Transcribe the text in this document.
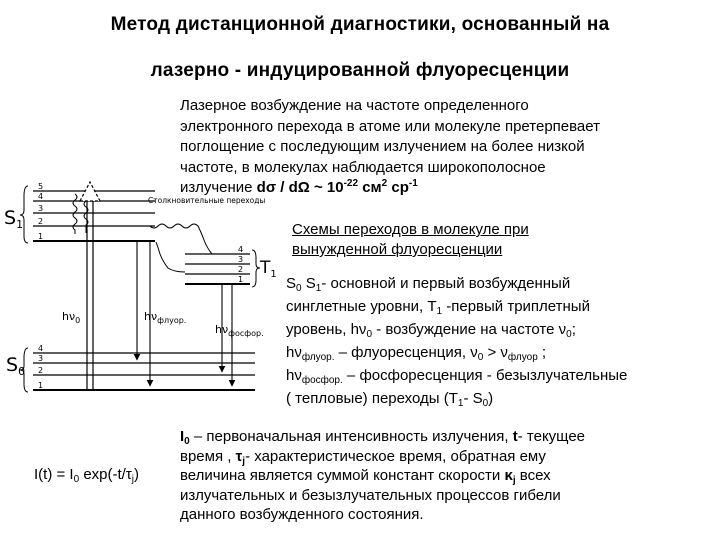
Метод дистанционной диагностики, основанный на
лазерно - индуцированной флуоресценции
Лазерное возбуждение на частоте определенного
электронного перехода в атоме или молекуле претерпевает
поглощение с последующим излучением на более низкой
частоте, в молекулах наблюдается широкополосное
излучение dσ / dΩ ~ $10^{-22}$ $см^2$ $ср^{-1}$
Схемы переходов в молекуле при
вынужденной флуоресценции
$S_0$ $S_1-$ основной и первый возбужденный
синглетные уровни, $T_1$ -первый триплетный
уровень, $h\nu_0$ - возбуждение на частоте $\nu_0$;
$h\nu_{флуор.}$ – флуоресценция, $\nu_0 > \nu_{флуор}$ ;
$h\nu_{фосфор.}$ – фосфоресценция - безызлучательные
( тепловые) переходы ($T_1-$ $S_0$)
$I(t) = I_0$ $\exp(-t/\tau_j)$
$I_0$ – первоначальная интенсивность излучения, t- текущее
время , $\tau_j-$ характеристическое время, обратная ему
величина является суммой констант скорости $\kappa_j$ всех
излучательных и безызлучательных процессов гибели
данного возбужденного состояния.
5
4
3
2
1
$S_1$
Столкновительные переходы
4
3
2
1
$T_1$
4
3
2
1
$S_0$
$h\nu_0$	$h\nu_{флуор.}$
$h\nu_{фосфор.}$
